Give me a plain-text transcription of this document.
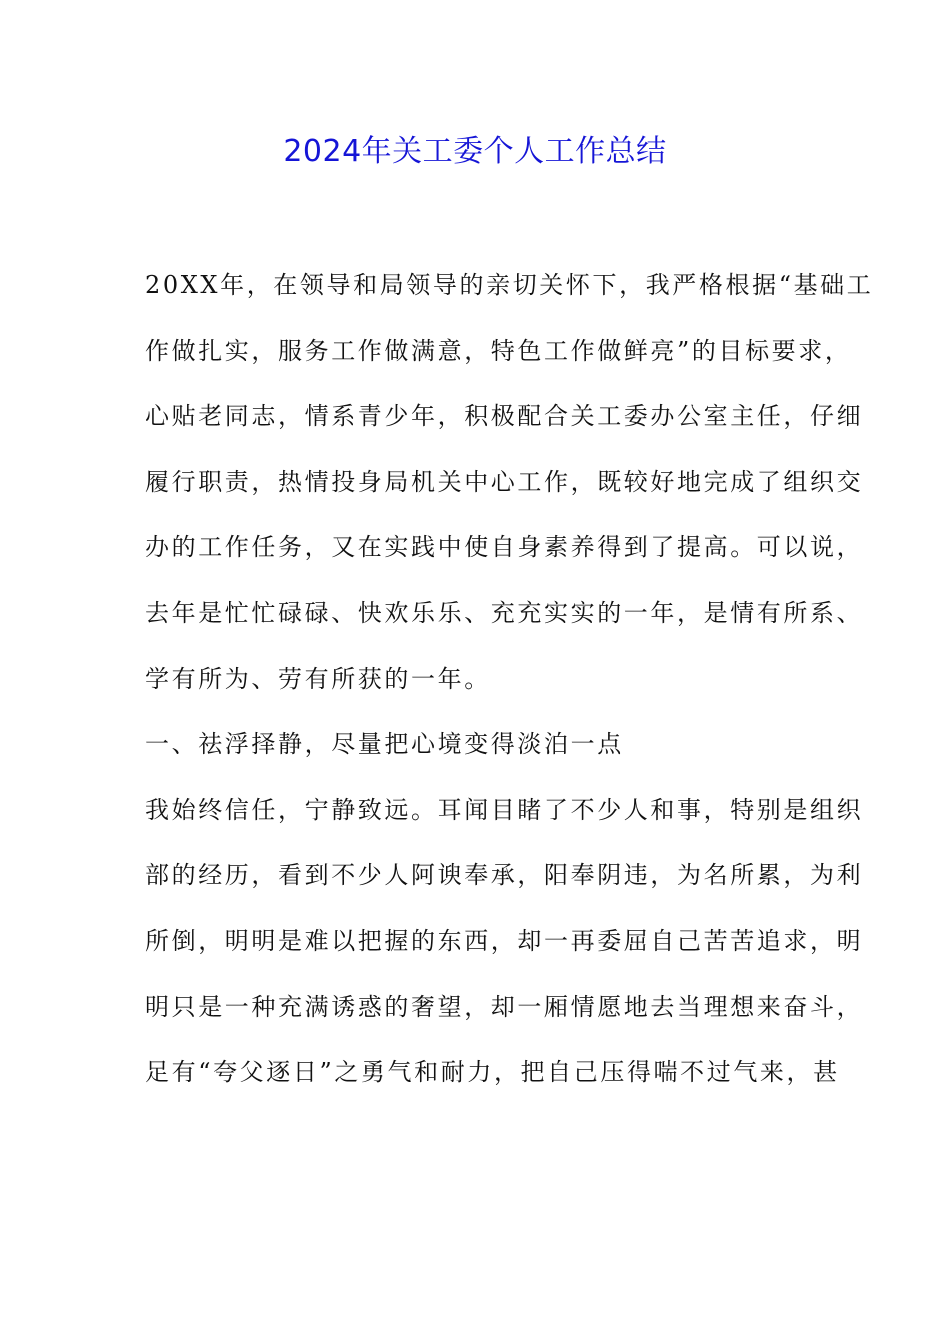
2024年关工委个人工作总结
20XX年，在领导和局领导的亲切关怀下，我严格根据“基础工
作做扎实，服务工作做满意，特色工作做鲜亮”的目标要求，
心贴老同志，情系青少年，积极配合关工委办公室主任，仔细
履行职责，热情投身局机关中心工作，既较好地完成了组织交
办的工作任务，又在实践中使自身素养得到了提高。可以说，
去年是忙忙碌碌、快欢乐乐、充充实实的一年，是情有所系、
学有所为、劳有所获的一年。
一、祛浮择静，尽量把心境变得淡泊一点
我始终信任，宁静致远。耳闻目睹了不少人和事，特别是组织
部的经历，看到不少人阿谀奉承，阳奉阴违，为名所累，为利
所倒，明明是难以把握的东西，却一再委屈自己苦苦追求，明
明只是一种充满诱惑的奢望，却一厢情愿地去当理想来奋斗，
足有“夸父逐日”之勇气和耐力，把自己压得喘不过气来，甚
